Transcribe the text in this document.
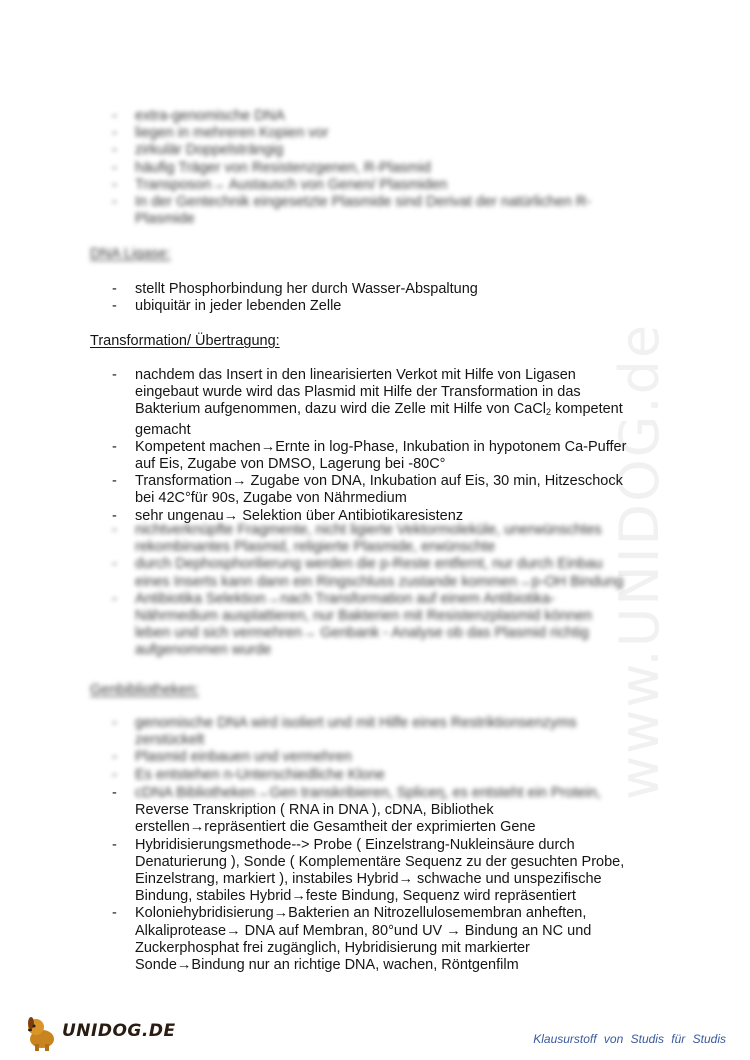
www.UNIDOG.de
- extra-genomische DNA
- liegen in mehreren Kopien vor
- zirkulär Doppelsträngig
- häufig Träger von Resistenzgenen, R-Plasmid
- Transposon→ Austausch von Genen/ Plasmiden
- In der Gentechnik eingesetzte Plasmide sind Derivat der natürlichen R-Plasmide
DNA Ligase:
- stellt Phosphorbindung her durch Wasser-Abspaltung
- ubiquitär in jeder lebenden Zelle
Transformation/ Übertragung:
- nachdem das Insert in den linearisierten Verkot mit Hilfe von Ligasen eingebaut wurde wird das Plasmid mit Hilfe der Transformation in das Bakterium aufgenommen, dazu wird die Zelle mit Hilfe von CaCl$_2$ kompetent gemacht
- Kompetent machen→Ernte in log-Phase, Inkubation in hypotonem Ca-Puffer auf Eis, Zugabe von DMSO, Lagerung bei -80C°
- Transformation→ Zugabe von DNA, Inkubation auf Eis, 30 min, Hitzeschock bei 42C°für 90s, Zugabe von Nährmedium
- sehr ungenau→ Selektion über Antibiotikaresistenz
- nichtverknüpfte Fragmente, nicht ligierte Vektormoleküle, unerwünschtes rekombinantes Plasmid, religierte Plasmide, erwünschte
- durch Dephosphorilierung werden die p-Reste entfernt, nur durch Einbau eines Inserts kann dann ein Ringschluss zustande kommen→p-OH Bindung
- Antibiotika Selektion→nach Transformation auf einem Antibiotika-Nährmedium ausplattieren, nur Bakterien mit Resistenzplasmid können leben und sich vermehren→ Genbank - Analyse ob das Plasmid richtig aufgenommen wurde
Genbibliotheken:
- genomische DNA wird isoliert und mit Hilfe eines Restriktionsenzyms zerstückelt
- Plasmid einbauen und vermehren
- Es entstehen n-Unterschiedliche Klone
- cDNA Bibliotheken→Gen transkribieren, Spliceη, es entsteht ein Protein,
Reverse Transkription ( RNA in DNA ), cDNA, Bibliothek erstellen→repräsentiert die Gesamtheit der exprimierten Gene
- Hybridisierungsmethode--> Probe ( Einzelstrang-Nukleinsäure durch Denaturierung ), Sonde ( Komplementäre Sequenz zu der gesuchten Probe, Einzelstrang, markiert ), instabiles Hybrid→ schwache und unspezifische Bindung, stabiles Hybrid→feste Bindung, Sequenz wird repräsentiert
- Koloniehybridisierung→Bakterien an Nitrozellulosemembran anheften, Alkaliprotease→ DNA auf Membran, 80°und UV → Bindung an NC und Zuckerphosphat frei zugänglich, Hybridisierung mit markierter Sonde→Bindung nur an richtige DNA, wachen, Röntgenfilm
UNIDOG.DE	Klausurstoff von Studis für Studis
